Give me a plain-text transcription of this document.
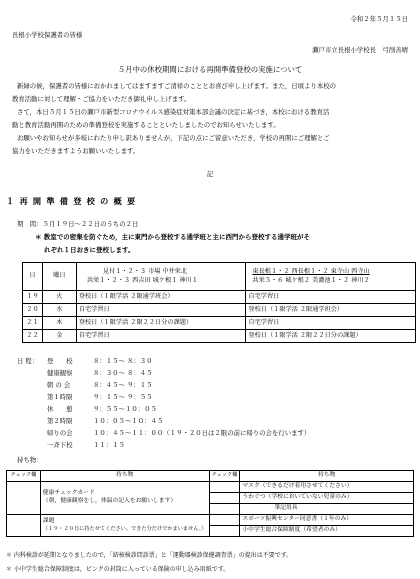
令和２年５月１５日
長根小学校保護者の皆様
瀬戸市立長根小学校長　弓削善晴
５月中の休校期間における再開準備登校の実施について
新緑の候，保護者の皆様におかれましてはますますご清祥のこととお喜び申し上げます。また，日頃より本校の
教育活動に対して理解・ご協力をいただき御礼申し上げます。
さて，本日５月１５日の瀬戸市新型コロナウイルス感染症対策本部会議の決定に基づき，本校における教育活
動と教育活動再開のための準備登校を実施することといたしましたのでお知らせいたします。
お願いやお知らせが多岐にわたり申し訳ありませんが，下記の点にご留意いただき，学校の再開にご理解とご
協力をいただきますようお願いいたします。
記
１ 再 開 準 備 登 校 の 概 要
期　間：５月１９日〜２２日のうちの２日
＊ 教室での密集を防ぐため，主に東門から登校する通学班と主に西門から登校する通学班がそ
れぞれ１日おきに登校します。
日	曜日	見付１・２・３ 市場 中井栄北
共栄１・２・３ 西吉田 城ケ根１ 神川１	東長根１・２ 西長根１・２ 東寺山 西寺山
共栄５・６ 城ケ根２ 美濃池１・２ 神川２

１９	火	登校日（１限学活 ２限通学班会）	自宅学習日
２０	水	自宅学習日	登校日（１限学活 ２限通学班会）
２１	木	登校日（１限学活 ２限２２日分の課題）	自宅学習日
２２	金	自宅学習日	登校日（１限学活 ２限２２日分の課題）
日 程： 登　　校	８：１５〜 ８：３０
健康観察	８：３０〜 ８：４５
朝 の 会	８：４５〜 ９：１５
第１時限	９：１５〜 ９：５５
休　　憩	９：５５〜１０：０５
第２時限	１０：０５〜１０：４５
帰りの会	１０：４５〜１１：００（１９・２０日は２限の前に帰りの会を行います）
一斉下校	１１：１５
持ち物：
チェック欄	持ち物	チェック欄	持ち物

	健康チェックカード
（朝，健康観察をし，体温の記入をお願いします）		マスク（できるだけ着用させてください）
			うわぐつ（学校においていない児童のみ）
			筆記用具

	課題
（１９・２０日に持たせてください。できた分だけでかまいません。）		スポーツ振興センター同意書（１年のみ）
			小中学生総合保障制度（希望者のみ）
＊ 内科検診が延期となりましたので，「結核検診問診票」と「運動器検診保健調査票」の提出は不要です。
＊ 小中学生総合保障制度は，ピンクの封筒に入っている保険の申し込み用紙です。
